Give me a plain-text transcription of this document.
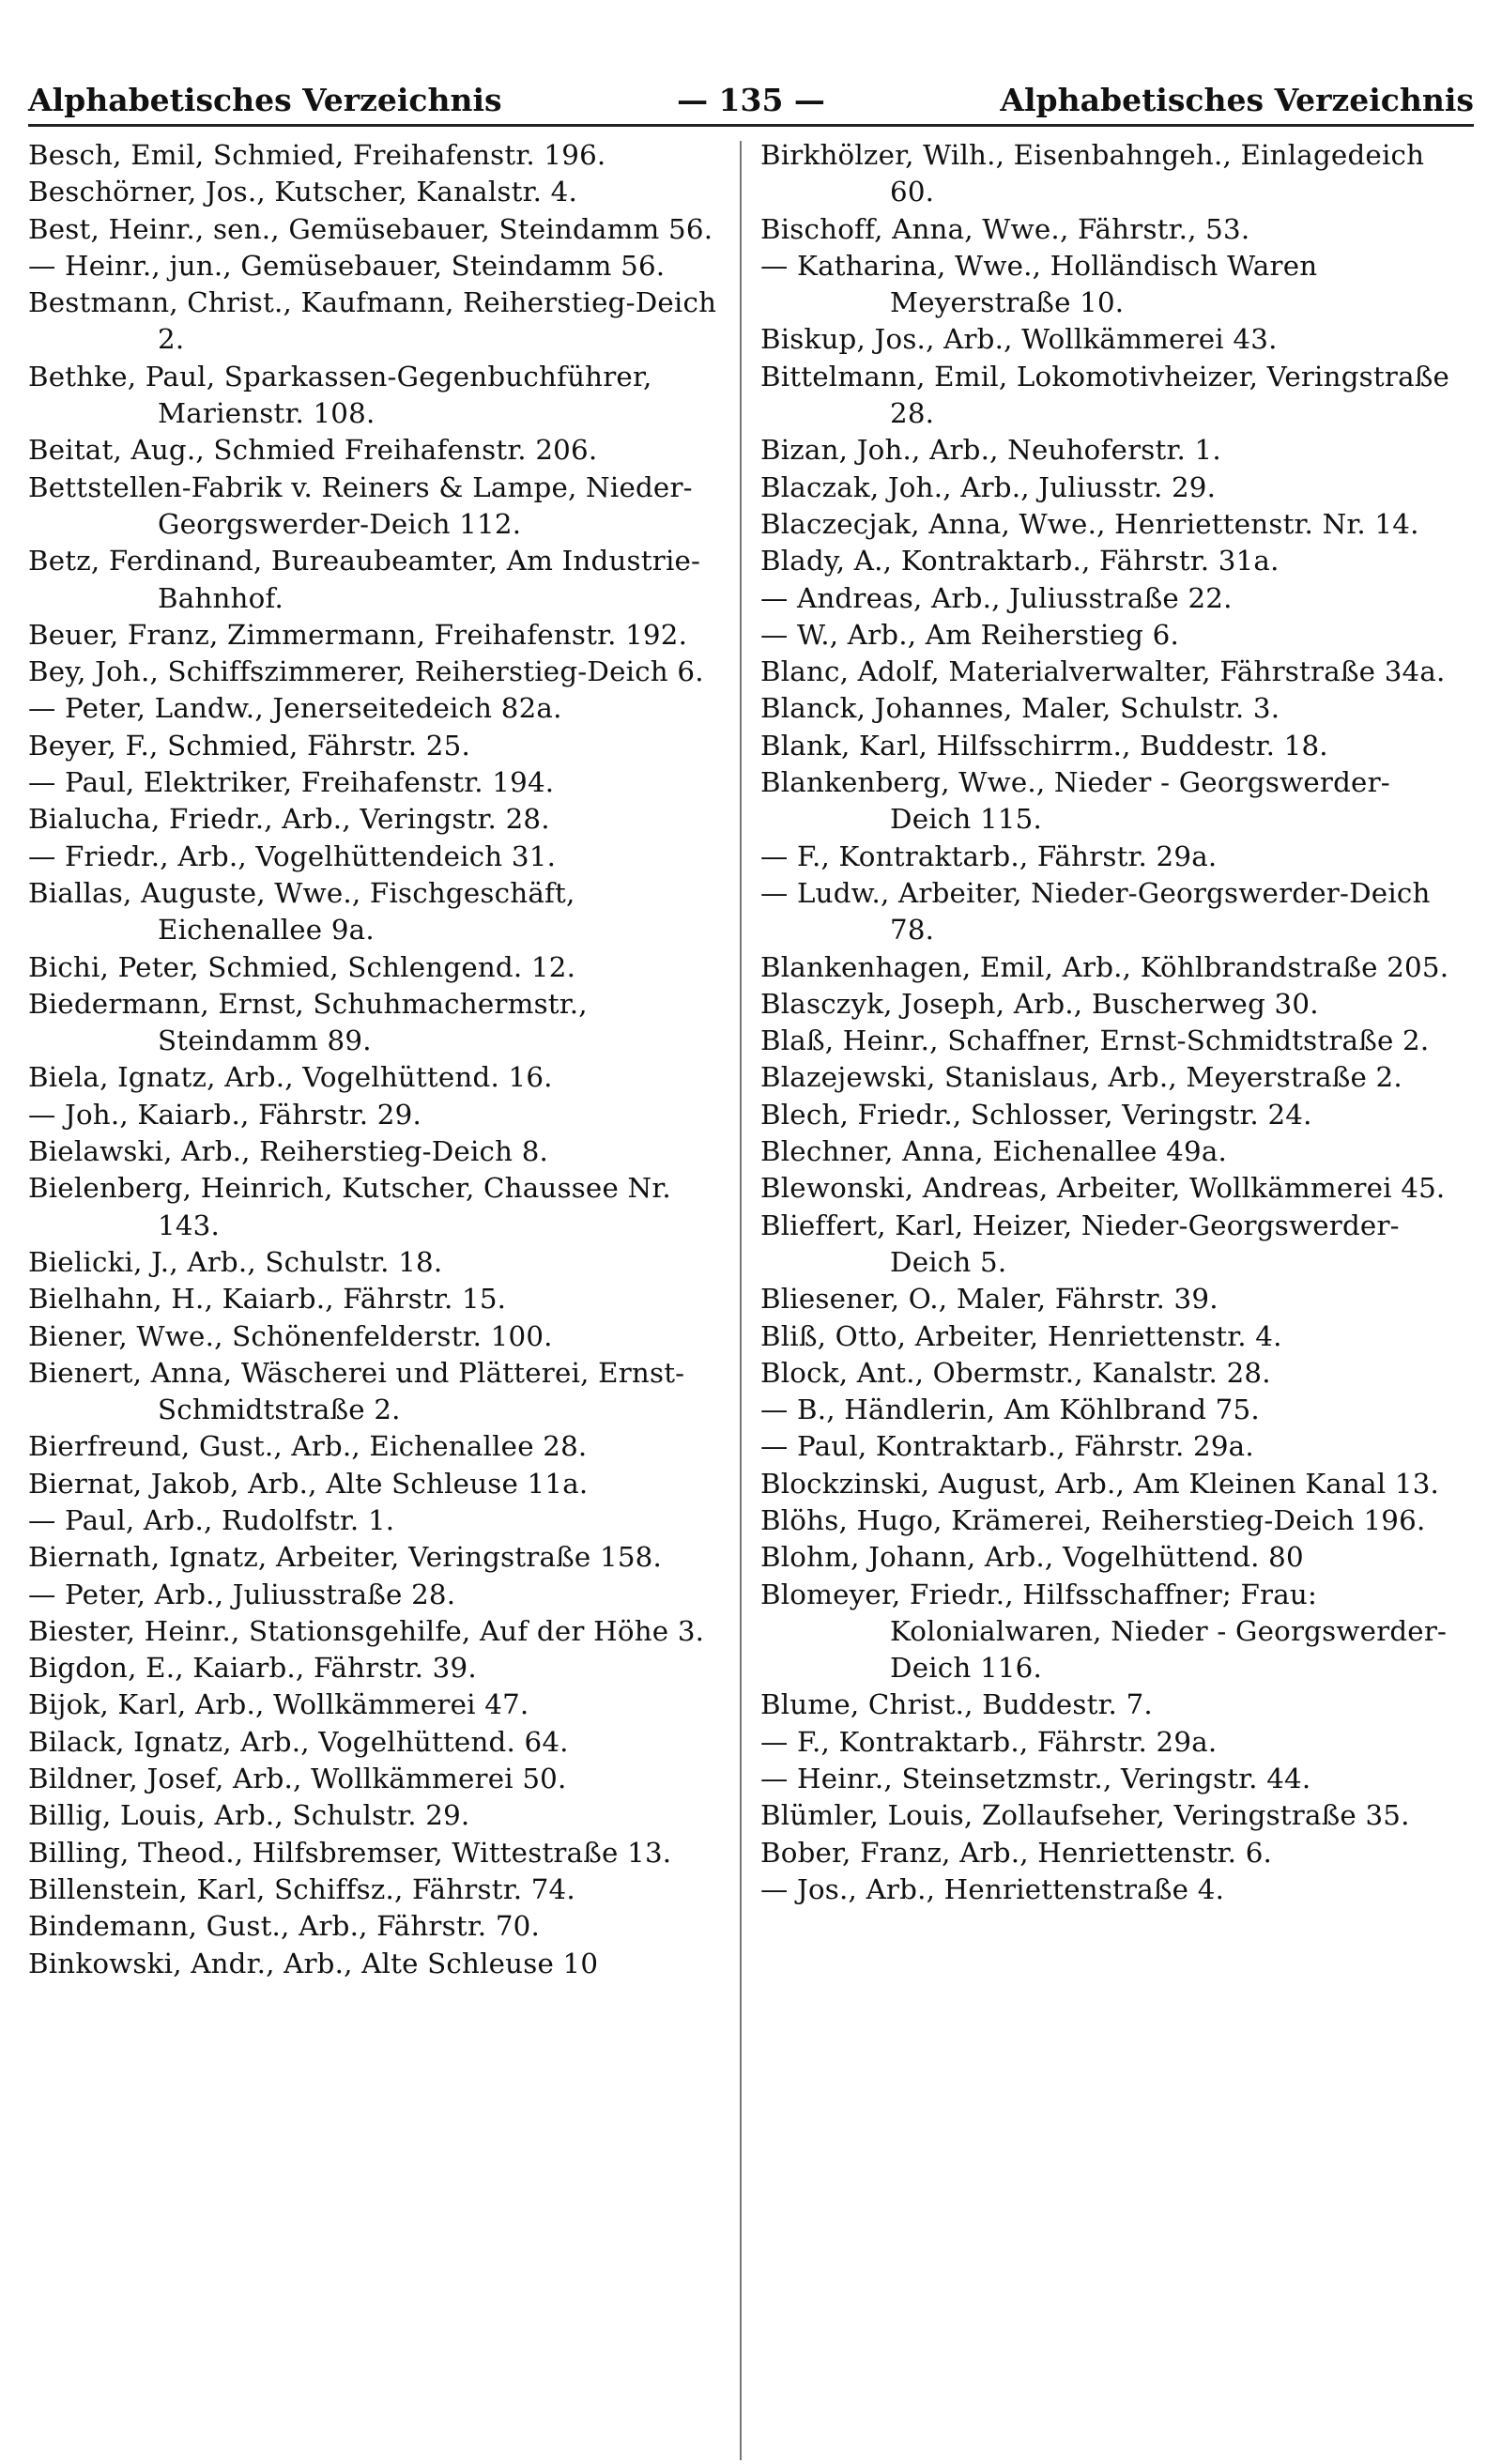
Alphabetisches Verzeichnis	— 135 —	Alphabetisches Verzeichnis
Besch, Emil, Schmied, Freihafenstr. 196.
Beschörner, Jos., Kutscher, Kanalstr. 4.
Best, Heinr., sen., Gemüsebauer, Steindamm 56.
— Heinr., jun., Gemüsebauer, Steindamm 56.
Bestmann, Christ., Kaufmann, Reiherstieg-Deich 2.
Bethke, Paul, Sparkassen-Gegenbuchführer, Marienstr. 108.
Beitat, Aug., Schmied Freihafenstr. 206.
Bettstellen-Fabrik v. Reiners & Lampe, Nieder-Georgswerder-Deich 112.
Betz, Ferdinand, Bureaubeamter, Am Industrie-Bahnhof.
Beuer, Franz, Zimmermann, Freihafenstr. 192.
Bey, Joh., Schiffszimmerer, Reiherstieg-Deich 6.
— Peter, Landw., Jenerseitedeich 82a.
Beyer, F., Schmied, Fährstr. 25.
— Paul, Elektriker, Freihafenstr. 194.
Bialucha, Friedr., Arb., Veringstr. 28.
— Friedr., Arb., Vogelhüttendeich 31.
Biallas, Auguste, Wwe., Fischgeschäft, Eichenallee 9a.
Bichi, Peter, Schmied, Schlengend. 12.
Biedermann, Ernst, Schuhmachermstr., Steindamm 89.
Biela, Ignatz, Arb., Vogelhüttend. 16.
— Joh., Kaiarb., Fährstr. 29.
Bielawski, Arb., Reiherstieg-Deich 8.
Bielenberg, Heinrich, Kutscher, Chaussee Nr. 143.
Bielicki, J., Arb., Schulstr. 18.
Bielhahn, H., Kaiarb., Fährstr. 15.
Biener, Wwe., Schönenfelderstr. 100.
Bienert, Anna, Wäscherei und Plätterei, Ernst-Schmidtstraße 2.
Bierfreund, Gust., Arb., Eichenallee 28.
Biernat, Jakob, Arb., Alte Schleuse 11a.
— Paul, Arb., Rudolfstr. 1.
Biernath, Ignatz, Arbeiter, Veringstraße 158.
— Peter, Arb., Juliusstraße 28.
Biester, Heinr., Stationsgehilfe, Auf der Höhe 3.
Bigdon, E., Kaiarb., Fährstr. 39.
Bijok, Karl, Arb., Wollkämmerei 47.
Bilack, Ignatz, Arb., Vogelhüttend. 64.
Bildner, Josef, Arb., Wollkämmerei 50.
Billig, Louis, Arb., Schulstr. 29.
Billing, Theod., Hilfsbremser, Wittestraße 13.
Billenstein, Karl, Schiffsz., Fährstr. 74.
Bindemann, Gust., Arb., Fährstr. 70.
Binkowski, Andr., Arb., Alte Schleuse 10
Birkhölzer, Wilh., Eisenbahngeh., Einlagedeich 60.
Bischoff, Anna, Wwe., Fährstr., 53.
— Katharina, Wwe., Holländisch Waren Meyerstraße 10.
Biskup, Jos., Arb., Wollkämmerei 43.
Bittelmann, Emil, Lokomotivheizer, Veringstraße 28.
Bizan, Joh., Arb., Neuhoferstr. 1.
Blaczak, Joh., Arb., Juliusstr. 29.
Blaczecjak, Anna, Wwe., Henriettenstr. Nr. 14.
Blady, A., Kontraktarb., Fährstr. 31a.
— Andreas, Arb., Juliusstraße 22.
— W., Arb., Am Reiherstieg 6.
Blanc, Adolf, Materialverwalter, Fährstraße 34a.
Blanck, Johannes, Maler, Schulstr. 3.
Blank, Karl, Hilfsschirrm., Buddestr. 18.
Blankenberg, Wwe., Nieder - Georgswerder-Deich 115.
— F., Kontraktarb., Fährstr. 29a.
— Ludw., Arbeiter, Nieder-Georgswerder-Deich 78.
Blankenhagen, Emil, Arb., Köhlbrandstraße 205.
Blasczyk, Joseph, Arb., Buscherweg 30.
Blaß, Heinr., Schaffner, Ernst-Schmidtstraße 2.
Blazejewski, Stanislaus, Arb., Meyerstraße 2.
Blech, Friedr., Schlosser, Veringstr. 24.
Blechner, Anna, Eichenallee 49a.
Blewonski, Andreas, Arbeiter, Wollkämmerei 45.
Blieffert, Karl, Heizer, Nieder-Georgswerder-Deich 5.
Bliesener, O., Maler, Fährstr. 39.
Bliß, Otto, Arbeiter, Henriettenstr. 4.
Block, Ant., Obermstr., Kanalstr. 28.
— B., Händlerin, Am Köhlbrand 75.
— Paul, Kontraktarb., Fährstr. 29a.
Blockzinski, August, Arb., Am Kleinen Kanal 13.
Blöhs, Hugo, Krämerei, Reiherstieg-Deich 196.
Blohm, Johann, Arb., Vogelhüttend. 80
Blomeyer, Friedr., Hilfsschaffner; Frau: Kolonialwaren, Nieder - Georgswerder-Deich 116.
Blume, Christ., Buddestr. 7.
— F., Kontraktarb., Fährstr. 29a.
— Heinr., Steinsetzmstr., Veringstr. 44.
Blümler, Louis, Zollaufseher, Veringstraße 35.
Bober, Franz, Arb., Henriettenstr. 6.
— Jos., Arb., Henriettenstraße 4.
